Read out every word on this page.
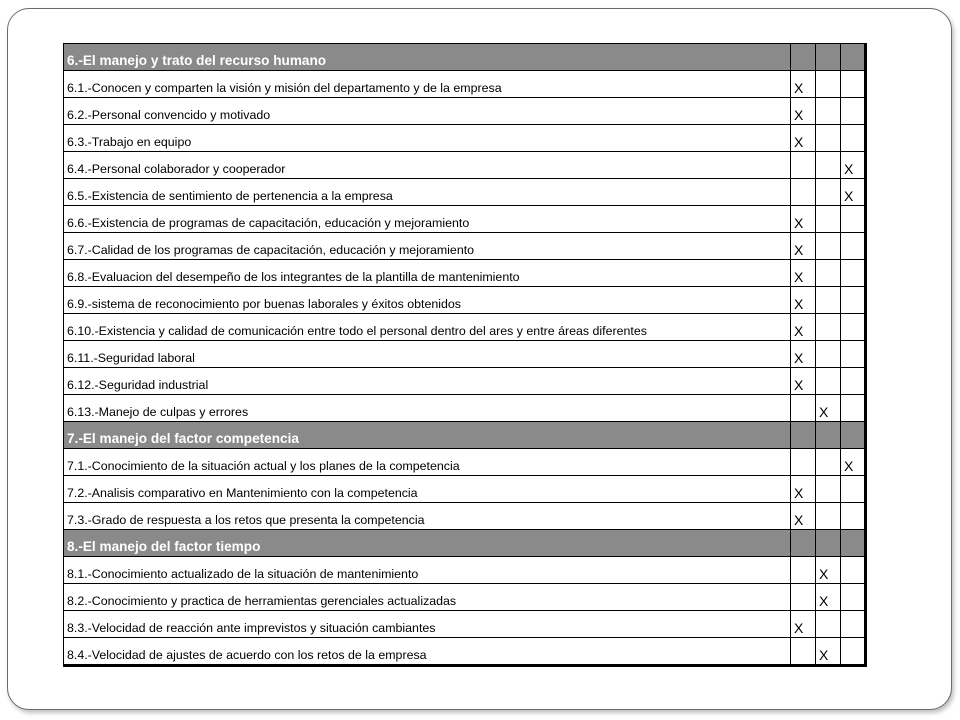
6.-El manejo y trato del recurso humano			
6.1.-Conocen y comparten la visión y misión del departamento y de la empresa	X		
6.2.-Personal convencido y motivado	X		
6.3.-Trabajo en equipo	X		
6.4.-Personal colaborador y cooperador			X
6.5.-Existencia de sentimiento de pertenencia a la empresa			X
6.6.-Existencia de programas de capacitación, educación y mejoramiento	X		
6.7.-Calidad de los programas de capacitación, educación y mejoramiento	X		
6.8.-Evaluacion del desempeño de los integrantes de la plantilla de mantenimiento	X		
6.9.-sistema de reconocimiento por buenas laborales y éxitos obtenidos	X		
6.10.-Existencia y calidad de comunicación entre todo el personal dentro del ares y entre áreas diferentes	X		
6.11.-Seguridad laboral	X		
6.12.-Seguridad industrial	X		
6.13.-Manejo de culpas y errores		X	
7.-El manejo del factor competencia			
7.1.-Conocimiento de la situación actual y los planes de la competencia			X
7.2.-Analisis comparativo en Mantenimiento con la competencia	X		
7.3.-Grado de respuesta a los retos que presenta la competencia	X		
8.-El manejo del factor tiempo			
8.1.-Conocimiento actualizado de la situación de mantenimiento		X	
8.2.-Conocimiento y practica de herramientas gerenciales actualizadas		X	
8.3.-Velocidad de reacción ante imprevistos y situación cambiantes	X		
8.4.-Velocidad de ajustes de acuerdo con los retos de la empresa		X	
